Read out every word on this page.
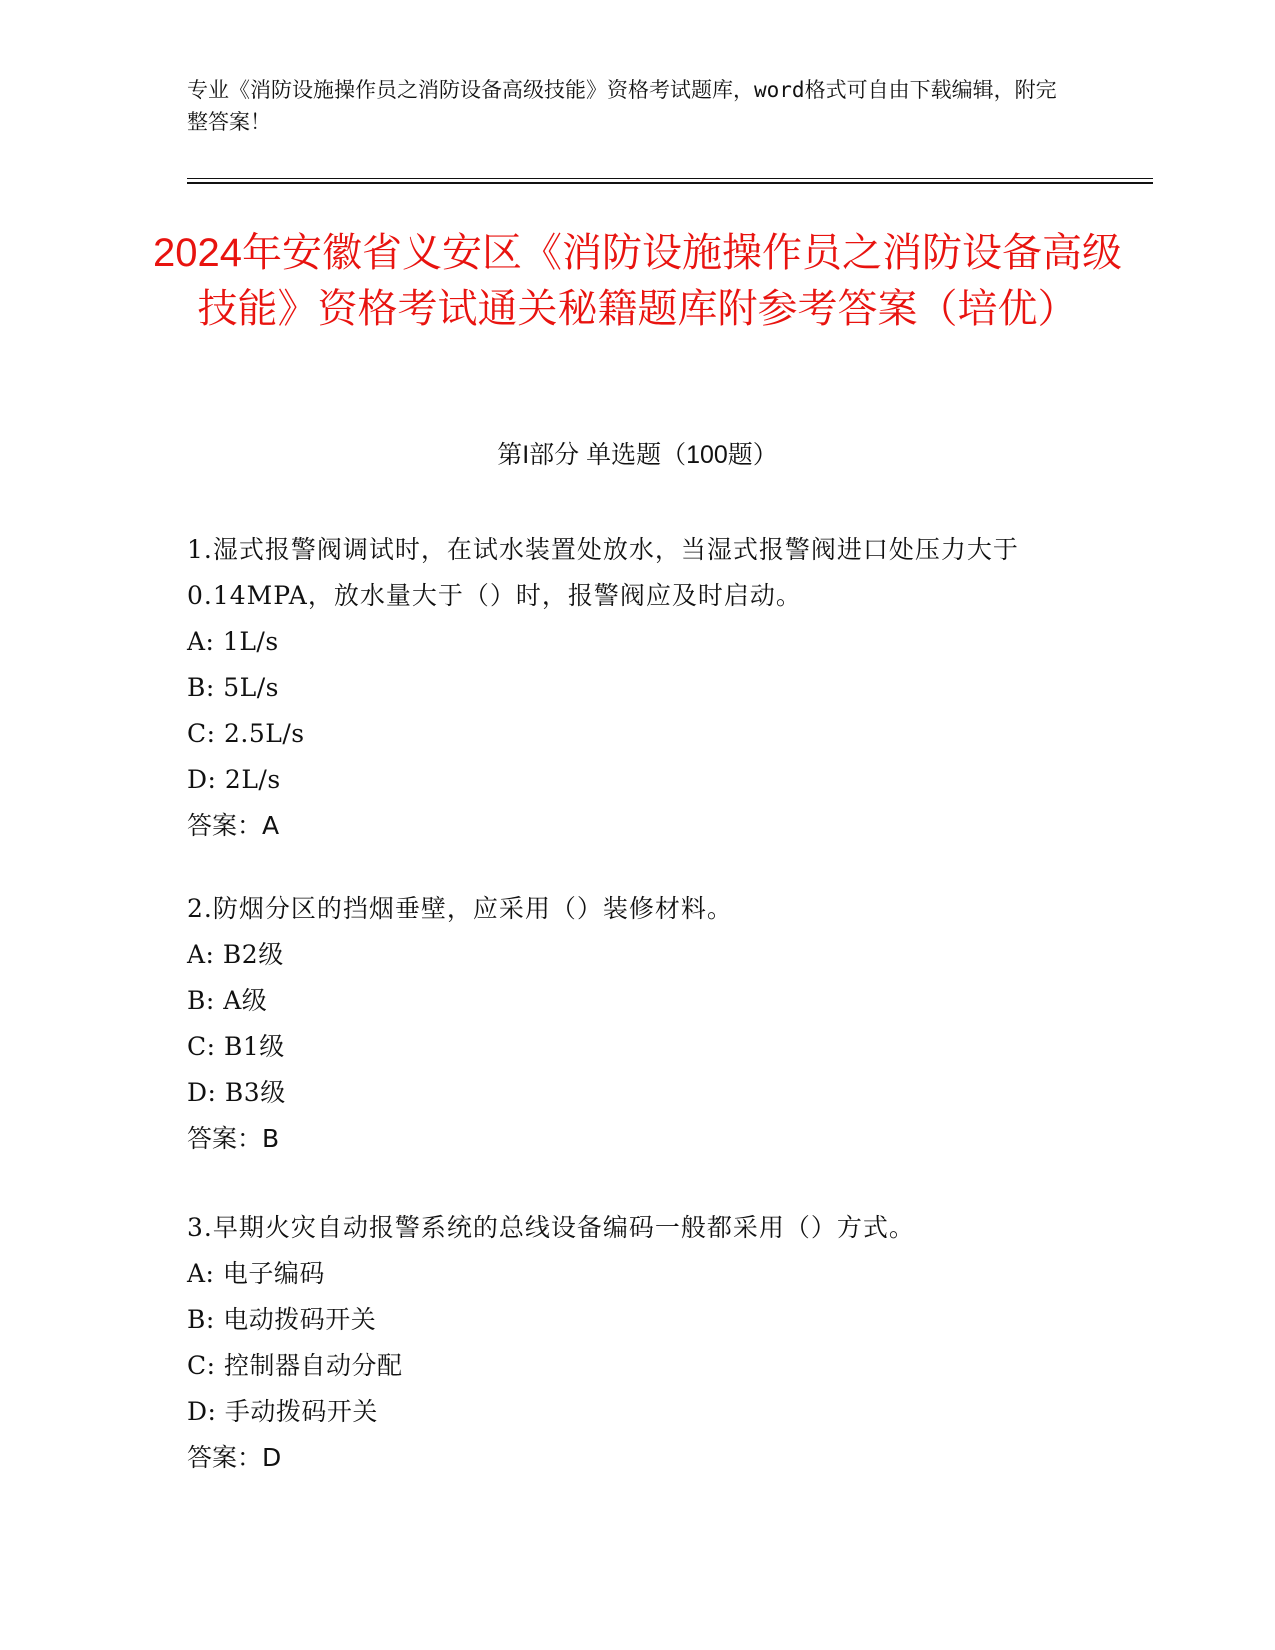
专业《消防设施操作员之消防设备高级技能》资格考试题库，word格式可自由下载编辑，附完整答案！
2024年安徽省义安区《消防设施操作员之消防设备高级技能》资格考试通关秘籍题库附参考答案（培优）
第I部分 单选题（100题）
1.湿式报警阀调试时，在试水装置处放水，当湿式报警阀进口处压力大于0.14MPA，放水量大于（）时，报警阀应及时启动。
A: 1L/s
B: 5L/s
C: 2.5L/s
D: 2L/s
答案：A
2.防烟分区的挡烟垂壁，应采用（）装修材料。
A: B2级
B: A级
C: B1级
D: B3级
答案：B
3.早期火灾自动报警系统的总线设备编码一般都采用（）方式。
A: 电子编码
B: 电动拨码开关
C: 控制器自动分配
D: 手动拨码开关
答案：D
